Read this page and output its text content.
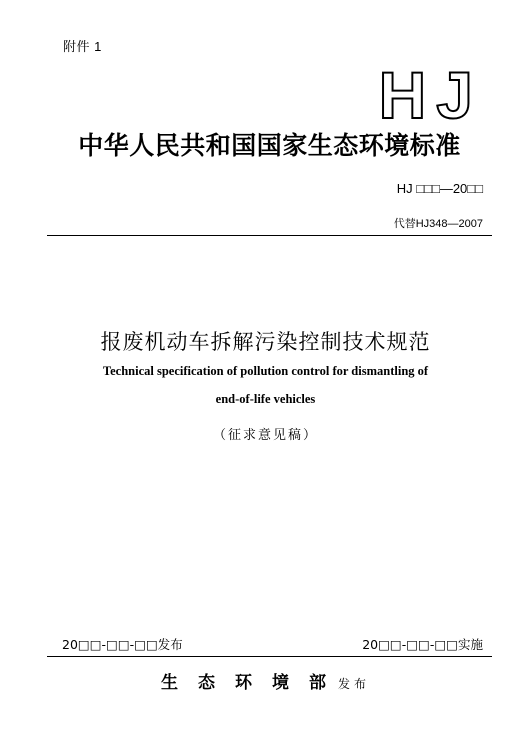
附件 1
HJ
中华人民共和国国家生态环境标准
HJ □□□—20□□
代替HJ348—2007
报废机动车拆解污染控制技术规范
Technical specification of pollution control for dismantling of
end-of-life vehicles
（征求意见稿）
20□□-□□-□□发布	20□□-□□-□□实施
生态环境部发布
